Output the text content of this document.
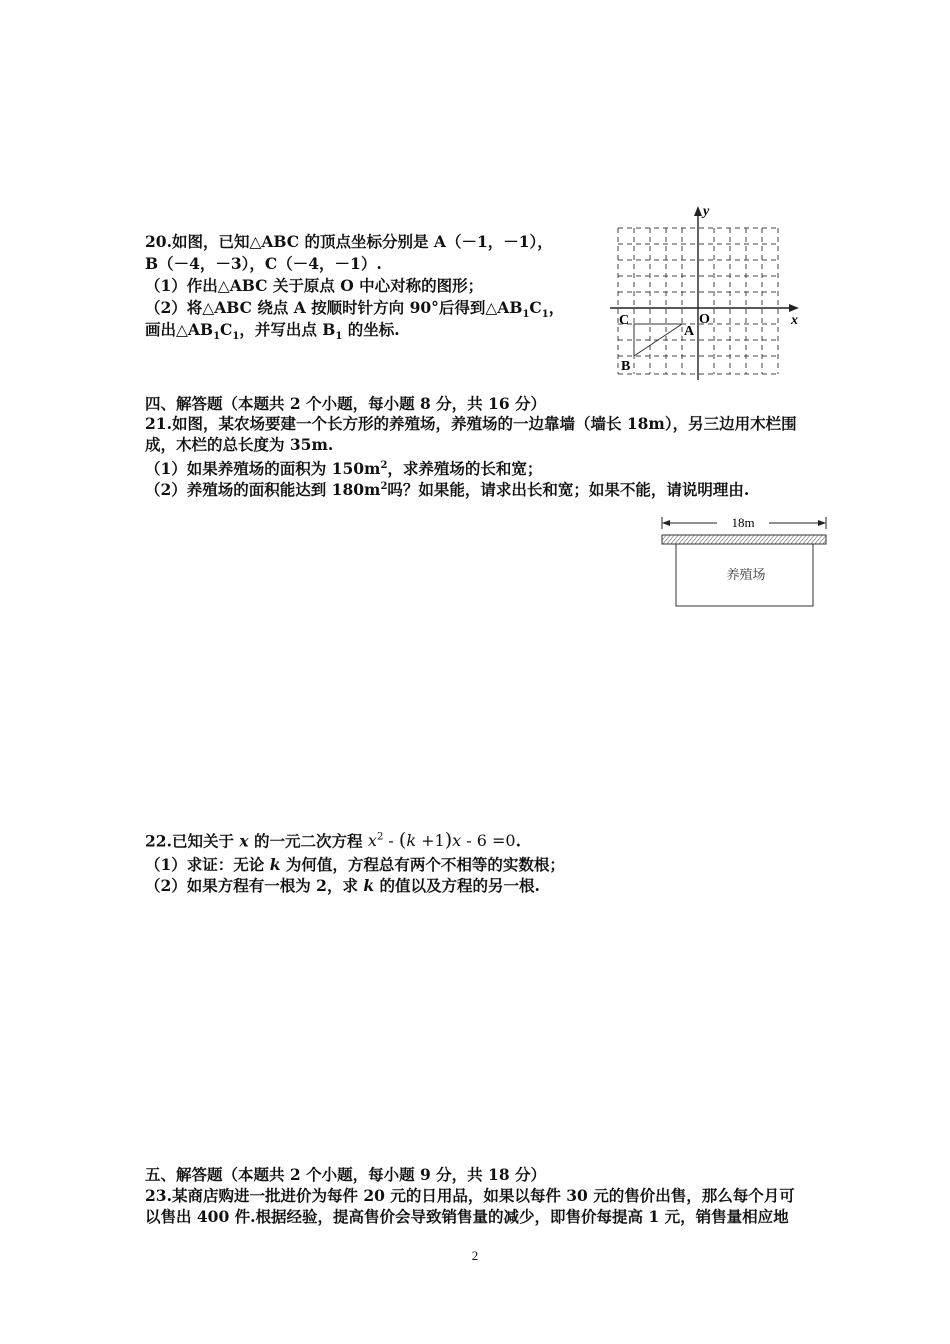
20.如图，已知△ABC 的顶点坐标分别是 A（－1，－1），
B（－4，－3），C（－4，－1）.
（1）作出△ABC 关于原点 O 中心对称的图形；
（2）将△ABC 绕点 A 按顺时针方向 90°后得到$\triangle AB_1C_1$，
画出$\triangle AB_1C_1$，并写出点 $B_1$ 的坐标.	x
y
O
A
B
C
四、解答题（本题共 2 个小题，每小题 8 分，共 16 分）
21.如图，某农场要建一个长方形的养殖场，养殖场的一边靠墙（墙长 18m），另三边用木栏围
成，木栏的总长度为 35m.
（1）如果养殖场的面积为 $150m^2$，求养殖场的长和宽；
（2）养殖场的面积能达到 $180m^2$吗？如果能，请求出长和宽；如果不能，请说明理由.
18m
养殖场
22.已知关于 x 的一元二次方程 $x^2 - (k +1)x - 6 =0$.
（1）求证：无论 k 为何值，方程总有两个不相等的实数根；
（2）如果方程有一根为 2，求 k 的值以及方程的另一根.
五、解答题（本题共 2 个小题，每小题 9 分，共 18 分）
23.某商店购进一批进价为每件 20 元的日用品，如果以每件 30 元的售价出售，那么每个月可
以售出 400 件.根据经验，提高售价会导致销售量的减少，即售价每提高 1 元，销售量相应地
2
